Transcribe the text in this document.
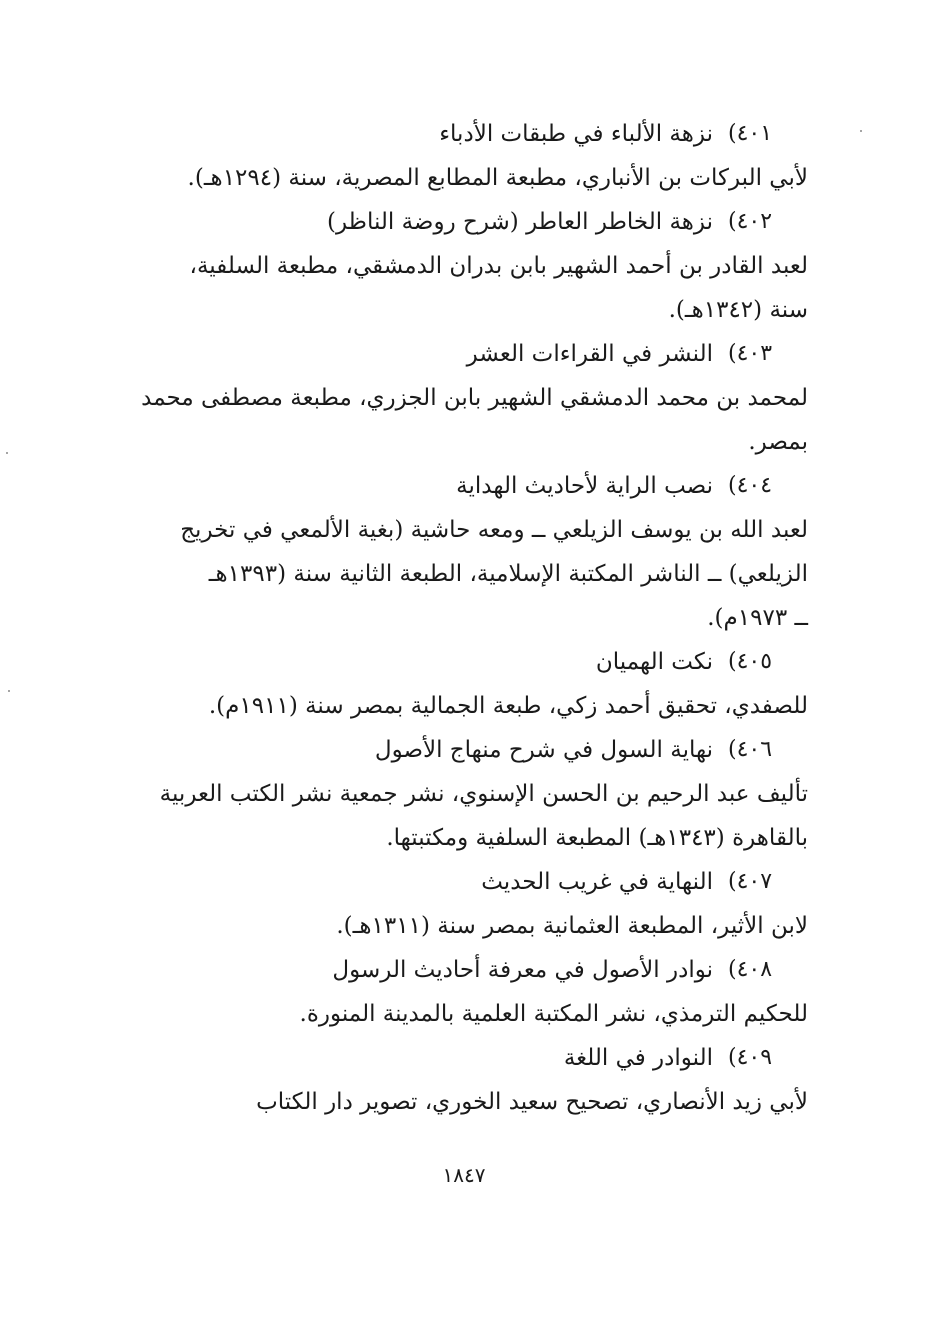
٤٠١)
نزهة الألباء في طبقات الأدباء
لأبي البركات بن الأنباري، مطبعة المطابع المصرية، سنة (١٢٩٤هـ).
٤٠٢)
نزهة الخاطر العاطر (شرح روضة الناظر)
لعبد القادر بن أحمد الشهير بابن بدران الدمشقي، مطبعة السلفية،
سنة (١٣٤٢هـ).
٤٠٣)
النشر في القراءات العشر
لمحمد بن محمد الدمشقي الشهير بابن الجزري، مطبعة مصطفى محمد
بمصر.
٤٠٤)
نصب الراية لأحاديث الهداية
لعبد الله بن يوسف الزيلعي ــ ومعه حاشية (بغية الألمعي في تخريج
الزيلعي) ــ الناشر المكتبة الإسلامية، الطبعة الثانية سنة (١٣٩٣هـ
ــ ١٩٧٣م).
٤٠٥)
نكت الهميان
للصفدي، تحقيق أحمد زكي، طبعة الجمالية بمصر سنة (١٩١١م).
٤٠٦)
نهاية السول في شرح منهاج الأصول
تأليف عبد الرحيم بن الحسن الإسنوي، نشر جمعية نشر الكتب العربية
بالقاهرة (١٣٤٣هـ) المطبعة السلفية ومكتبتها.
٤٠٧)
النهاية في غريب الحديث
لابن الأثير، المطبعة العثمانية بمصر سنة (١٣١١هـ).
٤٠٨)
نوادر الأصول في معرفة أحاديث الرسول
للحكيم الترمذي، نشر المكتبة العلمية بالمدينة المنورة.
٤٠٩)
النوادر في اللغة
لأبي زيد الأنصاري، تصحيح سعيد الخوري، تصوير دار الكتاب
١٨٤٧
